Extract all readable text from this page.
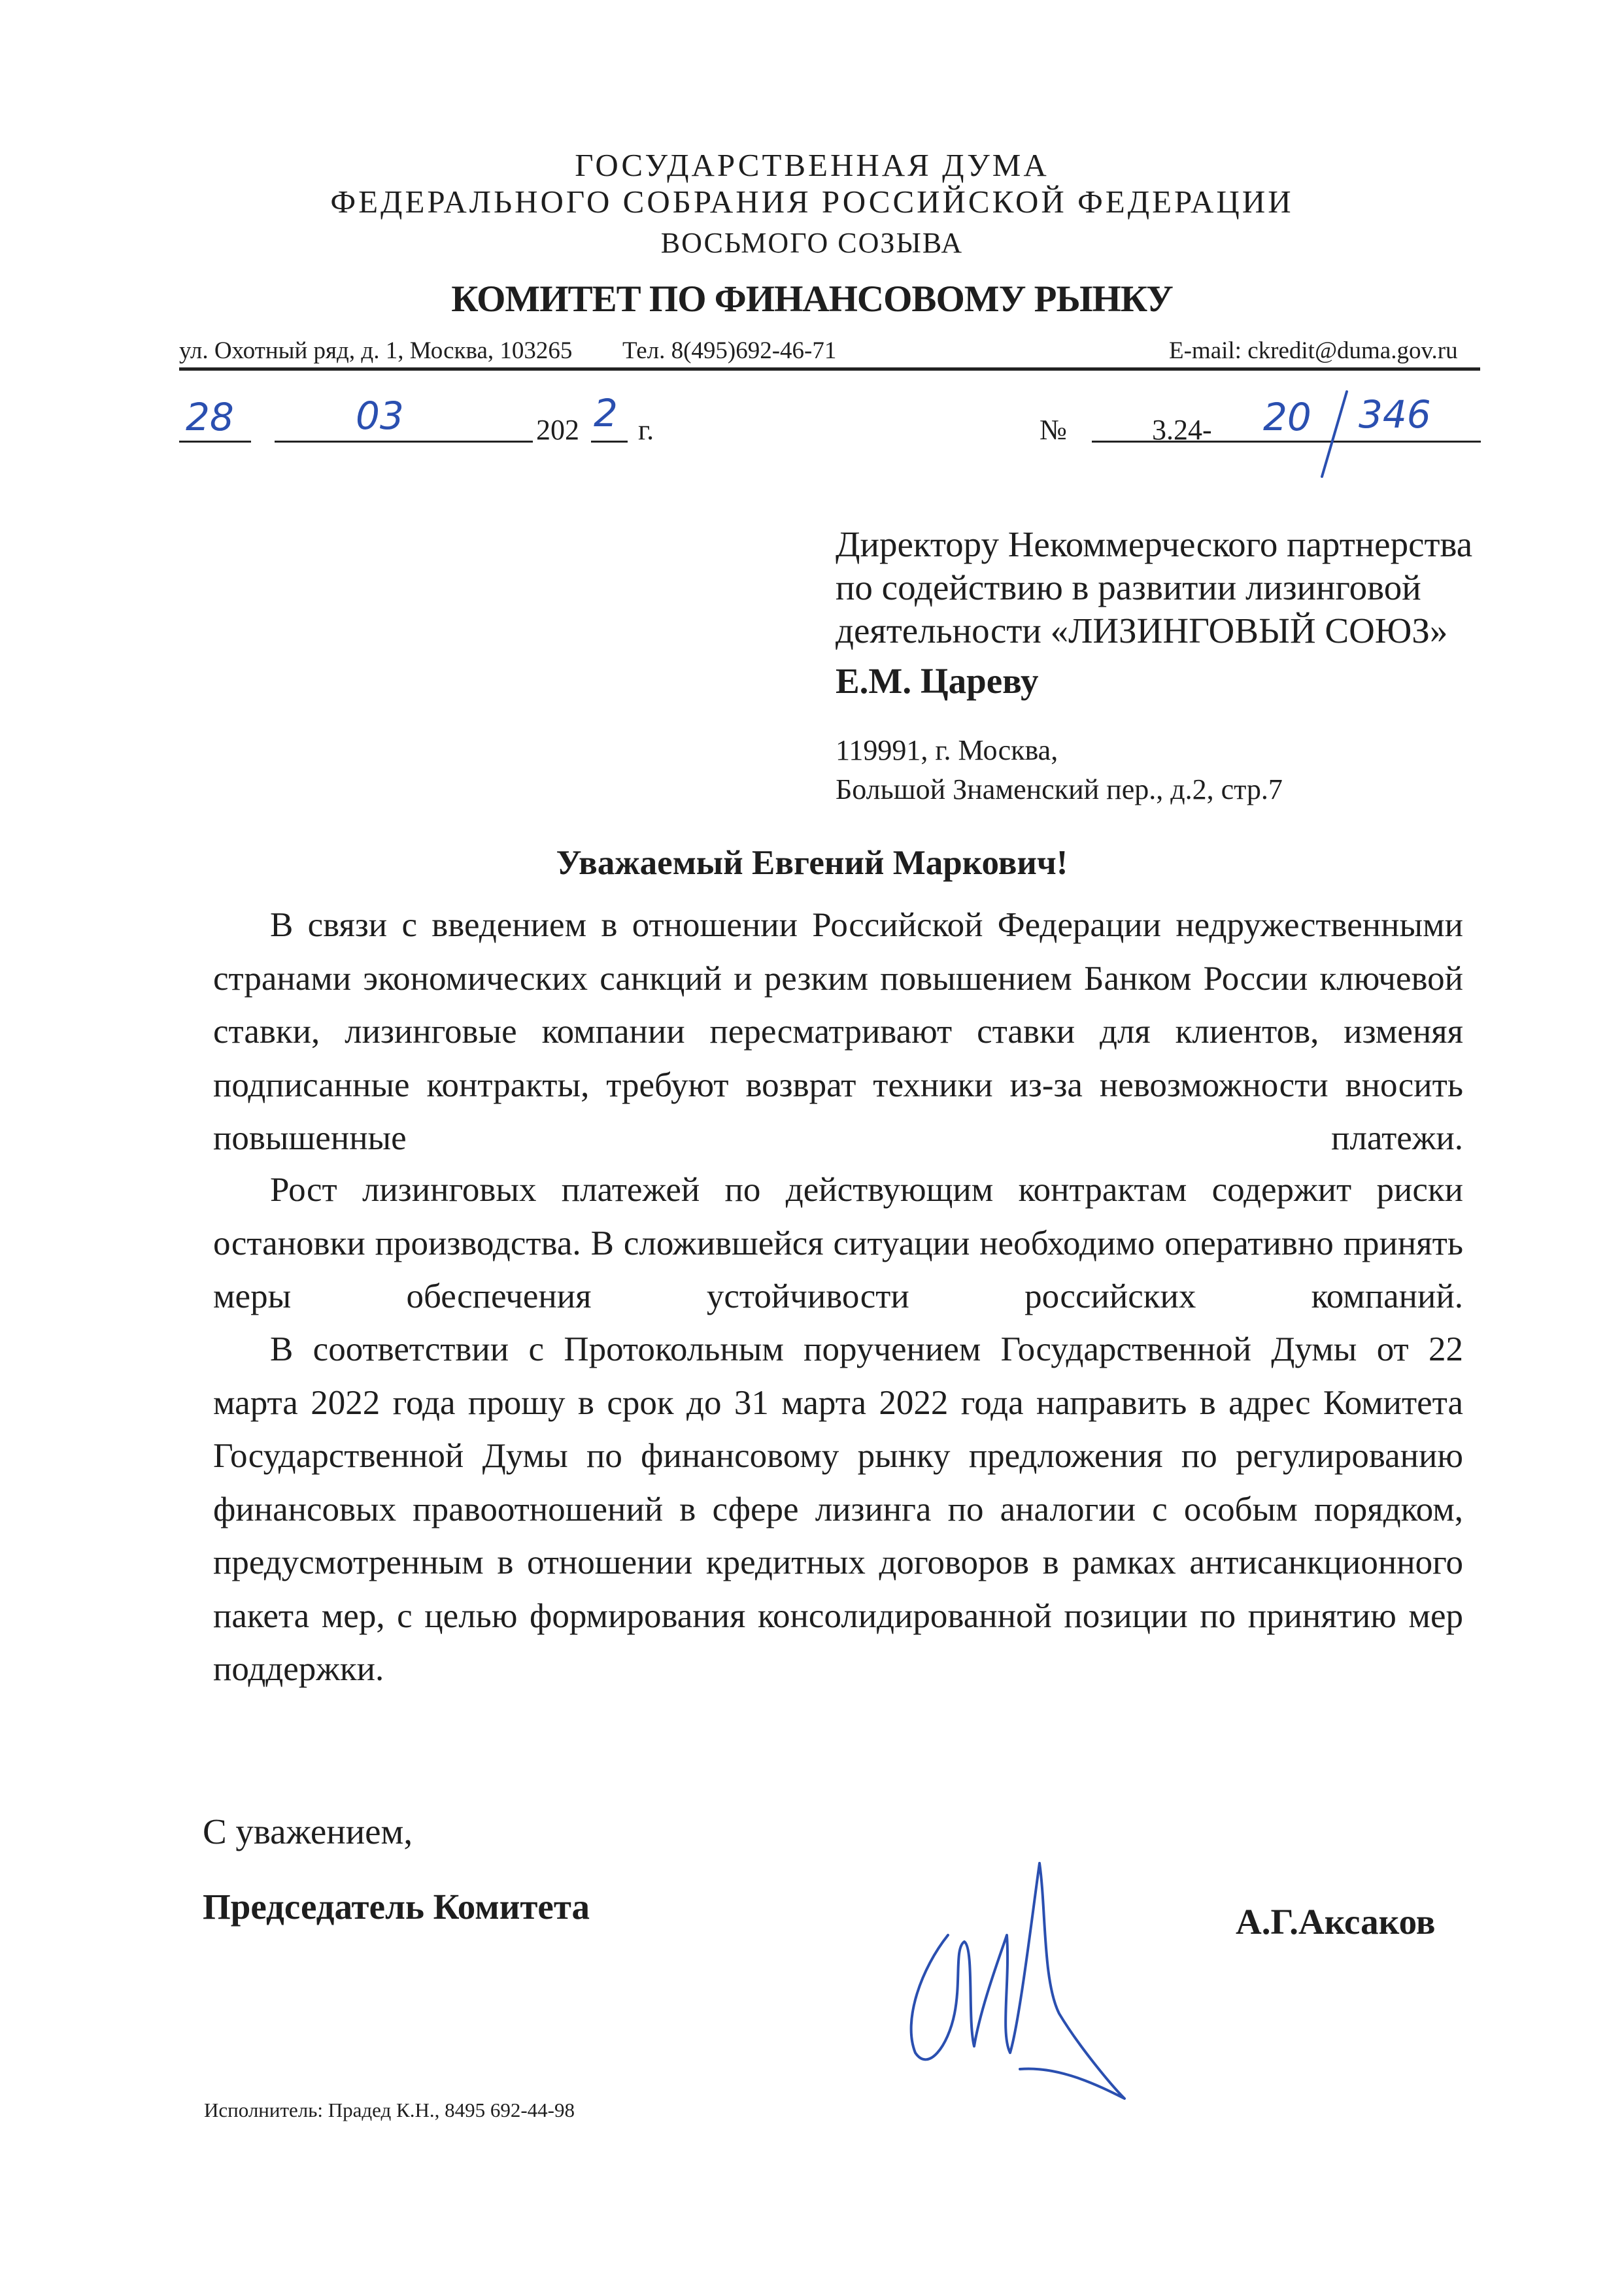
ГОСУДАРСТВЕННАЯ ДУМА
ФЕДЕРАЛЬНОГО СОБРАНИЯ РОССИЙСКОЙ ФЕДЕРАЦИИ
ВОСЬМОГО СОЗЫВА
КОМИТЕТ ПО ФИНАНСОВОМУ РЫНКУ
ул. Охотный ряд, д. 1, Москва, 103265 Тел. 8(495)692-46-71	E-mail: ckredit@duma.gov.ru
28	03	202 2 г.	№	3.24- 20 346
Директору Некоммерческого партнерства
по содействию в развитии лизинговой
деятельности «ЛИЗИНГОВЫЙ СОЮЗ»
Е.М. Цареву
119991, г. Москва,
Большой Знаменский пер., д.2, стр.7
Уважаемый Евгений Маркович!
В связи с введением в отношении Российской Федерации недружественными странами экономических санкций и резким повышением Банком России ключевой ставки, лизинговые компании пересматривают ставки для клиентов, изменяя подписанные контракты, требуют возврат техники из-за невозможности вносить повышенные платежи.
Рост лизинговых платежей по действующим контрактам содержит риски остановки производства. В сложившейся ситуации необходимо оперативно принять меры обеспечения устойчивости российских компаний.
В соответствии с Протокольным поручением Государственной Думы от 22 марта 2022 года прошу в срок до 31 марта 2022 года направить в адрес Комитета Государственной Думы по финансовому рынку предложения по регулированию финансовых правоотношений в сфере лизинга по аналогии с особым порядком, предусмотренным в отношении кредитных договоров в рамках антисанкционного пакета мер, с целью формирования консолидированной позиции по принятию мер поддержки.
С уважением,
Председатель Комитета	А.Г.Аксаков
Исполнитель: Прадед К.Н., 8495 692-44-98
